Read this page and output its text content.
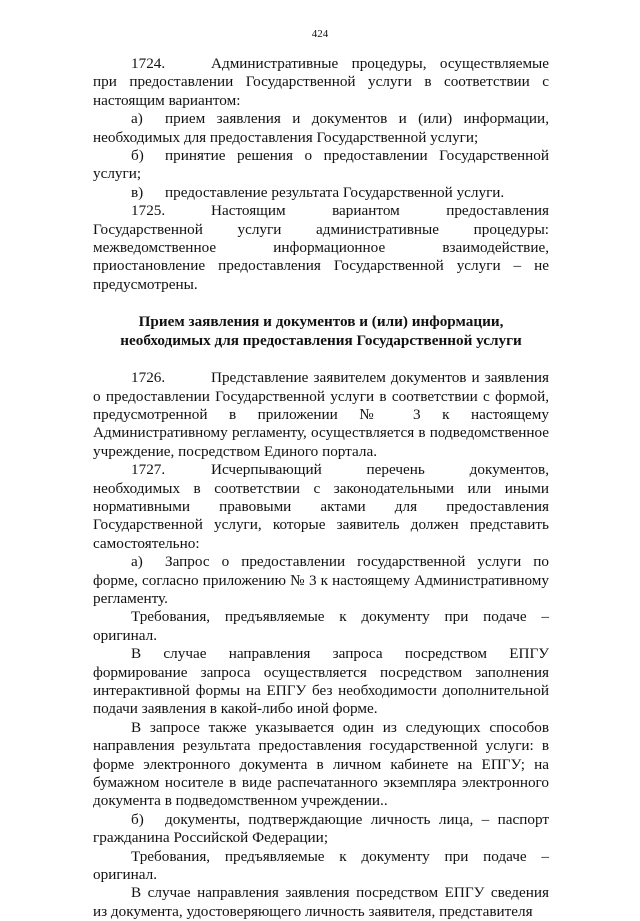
424

1724.	Административные процедуры, осуществляемые при предоставлении Государственной услуги в соответствии с настоящим вариантом:

а) прием заявления и документов и (или) информации, необходимых для предоставления Государственной услуги;

б) принятие решения о предоставлении Государственной услуги;

в) предоставление результата Государственной услуги.

1725.	Настоящим вариантом предоставления Государственной услуги административные процедуры: межведомственное информационное взаимодействие, приостановление предоставления Государственной услуги – не предусмотрены.

Прием заявления и документов и (или) информации,
необходимых для предоставления Государственной услуги

1726.	Представление заявителем документов и заявления о предоставлении Государственной услуги в соответствии с формой, предусмотренной в приложении № 3 к настоящему Административному регламенту, осуществляется в подведомственное учреждение, посредством Единого портала.

1727.	Исчерпывающий перечень документов, необходимых в соответствии с законодательными или иными нормативными правовыми актами для предоставления Государственной услуги, которые заявитель должен представить самостоятельно:

а) Запрос о предоставлении государственной услуги по форме, согласно приложению № 3 к настоящему Административному регламенту.

Требования, предъявляемые к документу при подаче – оригинал.

В случае направления запроса посредством ЕПГУ формирование запроса осуществляется посредством заполнения интерактивной формы на ЕПГУ без необходимости дополнительной подачи заявления в какой-либо иной форме.

В запросе также указывается один из следующих способов направления результата предоставления государственной услуги: в форме электронного документа в личном кабинете на ЕПГУ; на бумажном носителе в виде распечатанного экземпляра электронного документа в подведомственном учреждении..

б) документы, подтверждающие личность лица, – паспорт гражданина Российской Федерации;

Требования, предъявляемые к документу при подаче – оригинал.

В случае направления заявления посредством ЕПГУ сведения из документа, удостоверяющего личность заявителя, представителя
